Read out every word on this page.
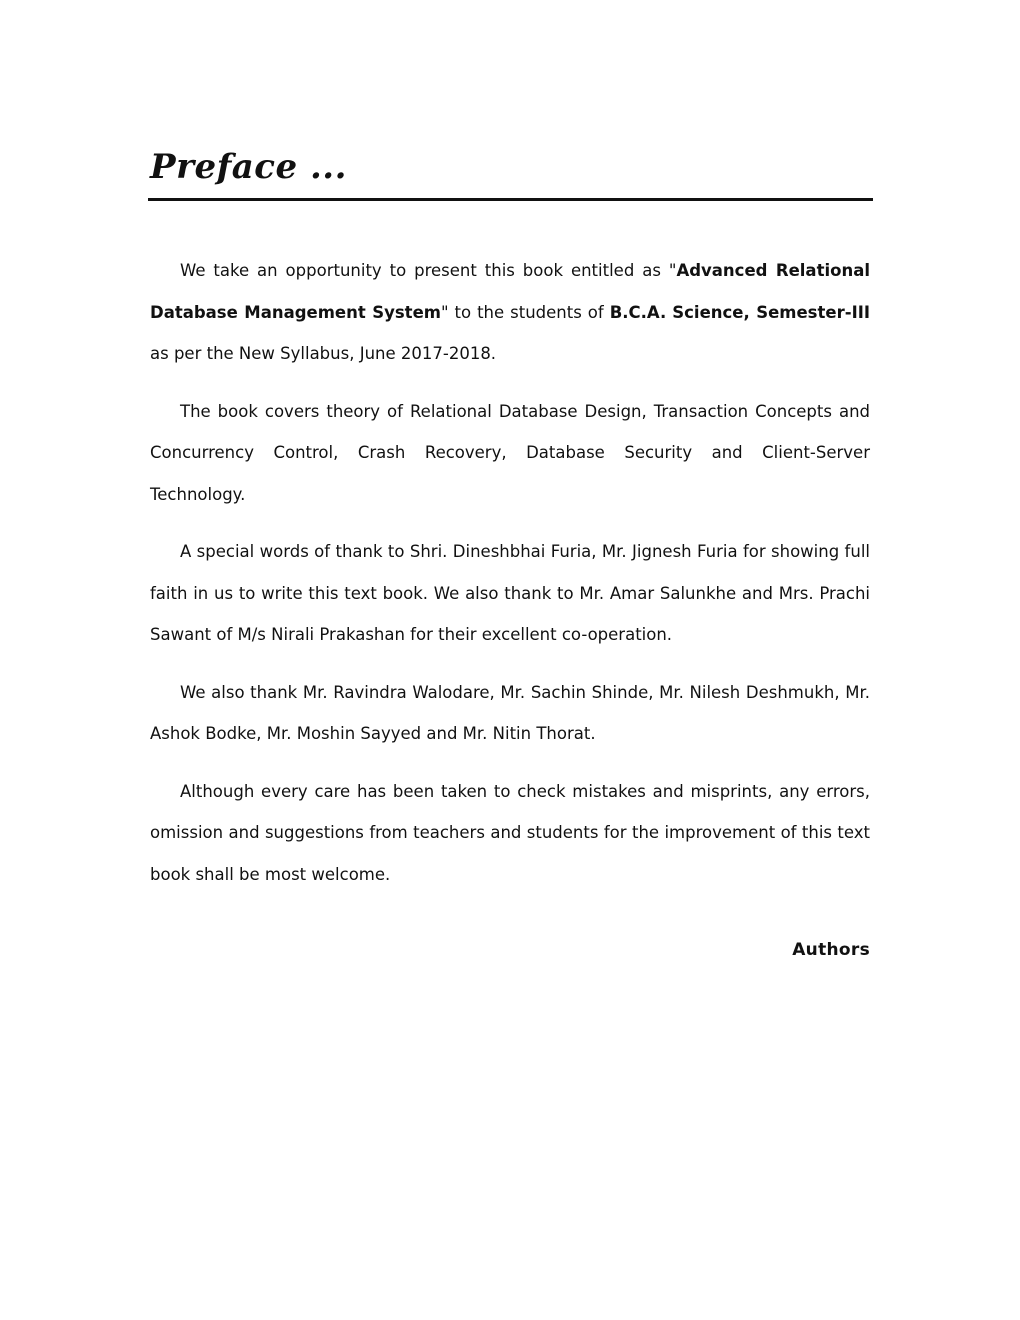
Preface ...

We take an opportunity to present this book entitled as "Advanced Relational Database Management System" to the students of B.C.A. Science, Semester-III as per the New Syllabus, June 2017-2018.

The book covers theory of Relational Database Design, Transaction Concepts and Concurrency Control, Crash Recovery, Database Security and Client-Server Technology.

A special words of thank to Shri. Dineshbhai Furia, Mr. Jignesh Furia for showing full faith in us to write this text book. We also thank to Mr. Amar Salunkhe and Mrs. Prachi Sawant of M/s Nirali Prakashan for their excellent co-operation.

We also thank Mr. Ravindra Walodare, Mr. Sachin Shinde, Mr. Nilesh Deshmukh, Mr. Ashok Bodke, Mr. Moshin Sayyed and Mr. Nitin Thorat.

Although every care has been taken to check mistakes and misprints, any errors, omission and suggestions from teachers and students for the improvement of this text book shall be most welcome.

Authors
